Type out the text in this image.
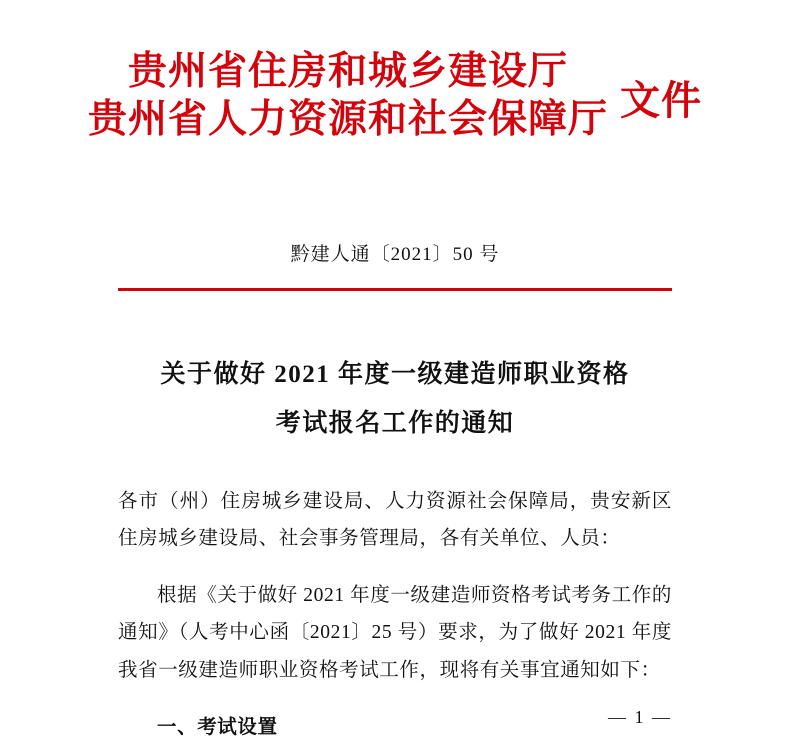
贵州省住房和城乡建设厅
贵州省人力资源和社会保障厅 文件
黔建人通〔2021〕50 号
关于做好 2021 年度一级建造师职业资格
考试报名工作的通知

各市（州）住房城乡建设局、人力资源社会保障局，贵安新区住房城乡建设局、社会事务管理局，各有关单位、人员：

根据《关于做好 2021 年度一级建造师资格考试考务工作的通知》（人考中心函〔2021〕25 号）要求，为了做好 2021 年度我省一级建造师职业资格考试工作，现将有关事宜通知如下：

一、考试设置	— 1 —
